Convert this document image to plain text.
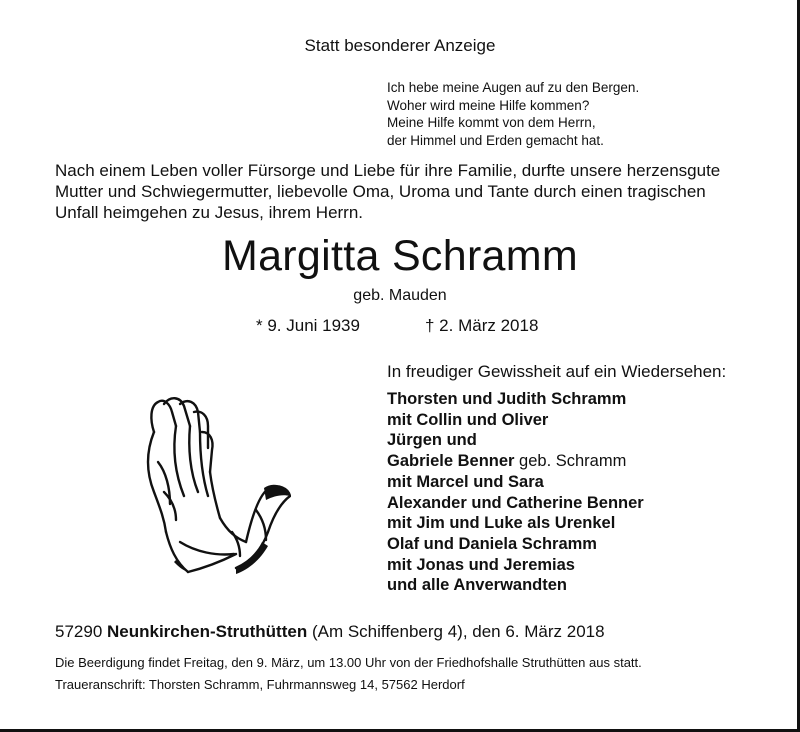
Statt besonderer Anzeige
Ich hebe meine Augen auf zu den Bergen.
Woher wird meine Hilfe kommen?
Meine Hilfe kommt von dem Herrn,
der Himmel und Erden gemacht hat.
Nach einem Leben voller Fürsorge und Liebe für ihre Familie, durfte unsere herzensgute
Mutter und Schwiegermutter, liebevolle Oma, Uroma und Tante durch einen tragischen
Unfall heimgehen zu Jesus, ihrem Herrn.
Margitta Schramm
geb. Mauden
* 9. Juni 1939	† 2. März 2018
In freudiger Gewissheit auf ein Wiedersehen:
Thorsten und Judith Schramm
mit Collin und Oliver
Jürgen und
Gabriele Benner geb. Schramm
mit Marcel und Sara
Alexander und Catherine Benner
mit Jim und Luke als Urenkel
Olaf und Daniela Schramm
mit Jonas und Jeremias
und alle Anverwandten
57290 Neunkirchen-Struthütten (Am Schiffenberg 4), den 6. März 2018
Die Beerdigung findet Freitag, den 9. März, um 13.00 Uhr von der Friedhofshalle Struthütten aus statt.
Traueranschrift: Thorsten Schramm, Fuhrmannsweg 14, 57562 Herdorf
